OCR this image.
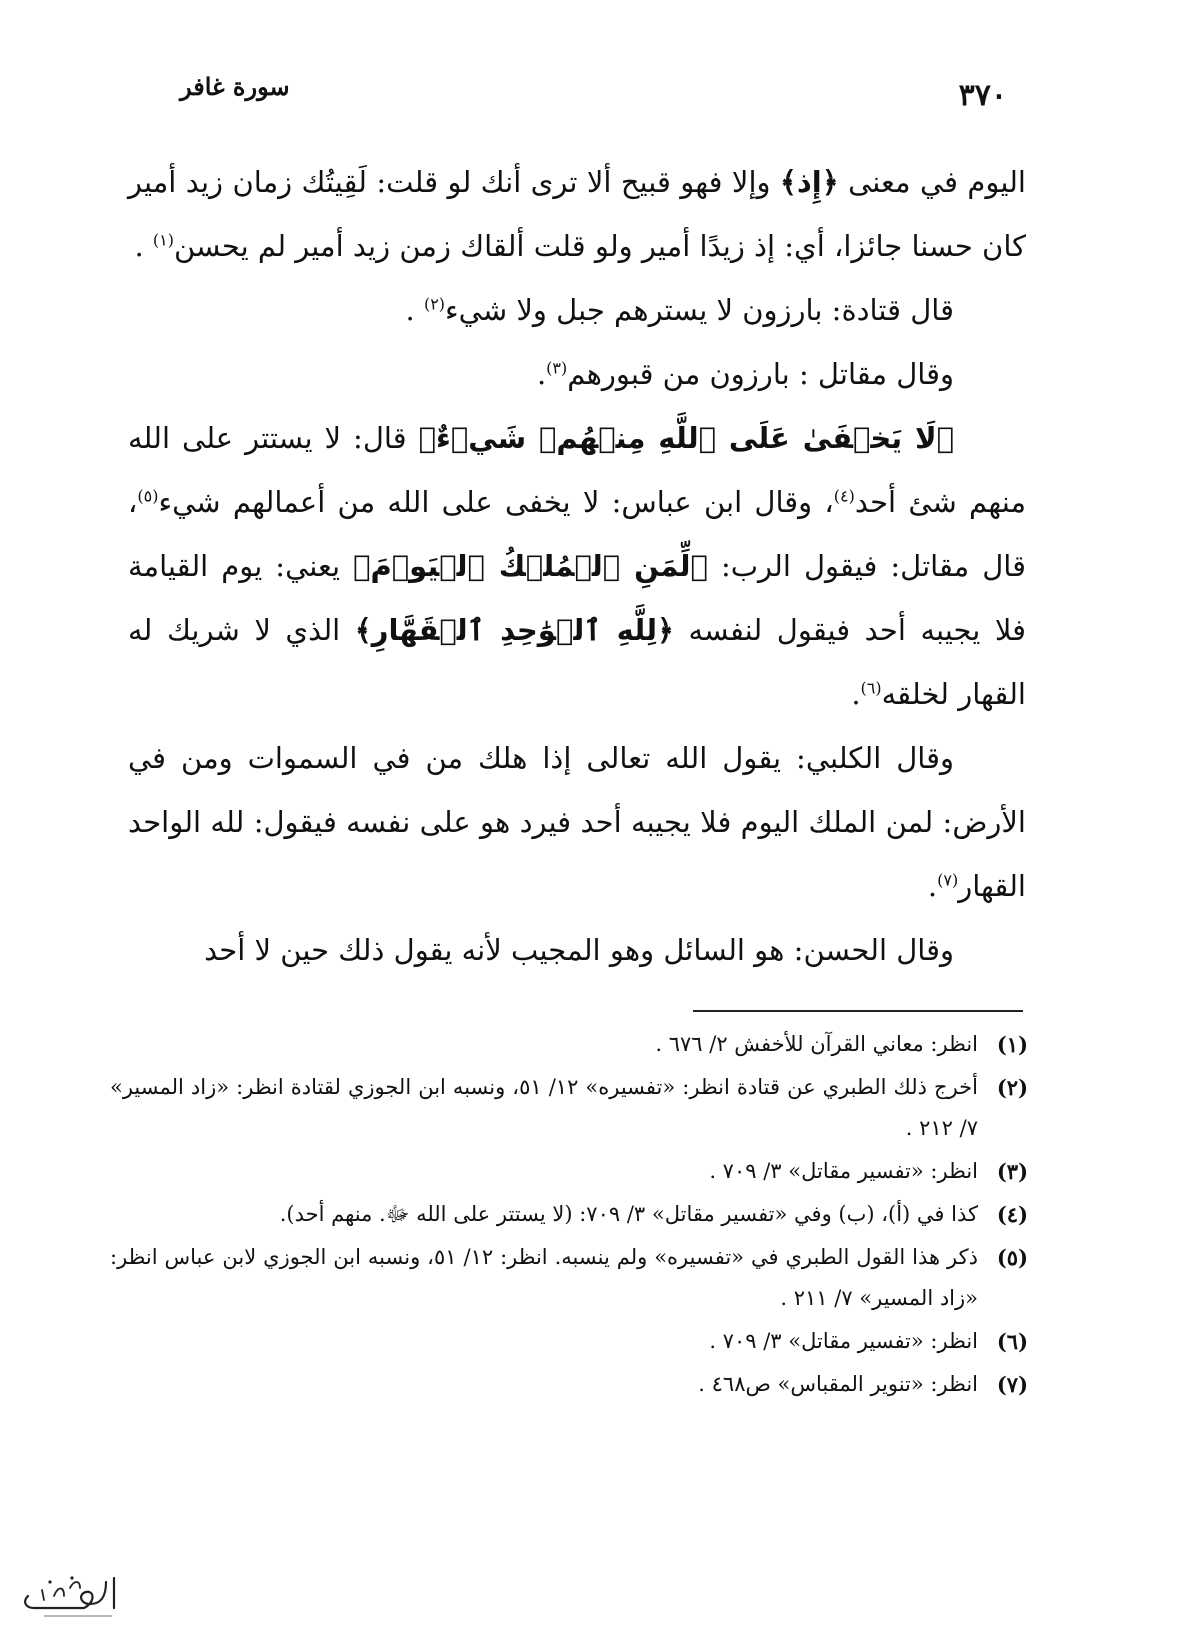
٣٧٠
سورة غافر

اليوم في معنى ﴿إِذ﴾ وإلا فهو قبيح ألا ترى أنك لو قلت: لَقِيتُك زمان زيد أمير كان حسنا جائزا، أي: إذ زيدًا أمير ولو قلت ألقاك زمن زيد أمير لم يحسن$^{(١)}$ .

قال قتادة: بارزون لا يسترهم جبل ولا شيء$^{(٢)}$ .

وقال مقاتل : بارزون من قبورهم$^{(٣)}$.

﴿لَا يَخۡفَىٰ عَلَى ٱللَّهِ مِنۡهُمۡ شَيۡءٌ﴾ قال: لا يستتر على الله منهم شئ أحد$^{(٤)}$، وقال ابن عباس: لا يخفى على الله من أعمالهم شيء$^{(٥)}$، قال مقاتل: فيقول الرب: ﴿لِّمَنِ ٱلۡمُلۡكُ ٱلۡيَوۡمَ﴾ يعني: يوم القيامة فلا يجيبه أحد فيقول لنفسه ﴿لِلَّهِ ٱلۡوَٰحِدِ ٱلۡقَهَّارِ﴾ الذي لا شريك له القهار لخلقه$^{(٦)}$.

وقال الكلبي: يقول الله تعالى إذا هلك من في السموات ومن في الأرض: لمن الملك اليوم فلا يجيبه أحد فيرد هو على نفسه فيقول: لله الواحد القهار$^{(٧)}$.

وقال الحسن: هو السائل وهو المجيب لأنه يقول ذلك حين لا أحد

(١)
انظر: معاني القرآن للأخفش ٢/ ٦٧٦ .
(٢)
أخرج ذلك الطبري عن قتادة انظر: «تفسيره» ١٢/ ٥١، ونسبه ابن الجوزي لقتادة انظر: «زاد المسير» ٧/ ٢١٢ .
(٣)
انظر: «تفسير مقاتل» ٣/ ٧٠٩ .
(٤)
كذا في (أ)، (ب) وفي «تفسير مقاتل» ٣/ ٧٠٩: (لا يستتر على الله ﷻ. منهم أحد).
(٥)
ذكر هذا القول الطبري في «تفسيره» ولم ينسبه. انظر: ١٢/ ٥١، ونسبه ابن الجوزي لابن عباس انظر: «زاد المسير» ٧/ ٢١١ .
(٦)
انظر: «تفسير مقاتل» ٣/ ٧٠٩ .
(٧)
انظر: «تنوير المقباس» ص٤٦٨ .
